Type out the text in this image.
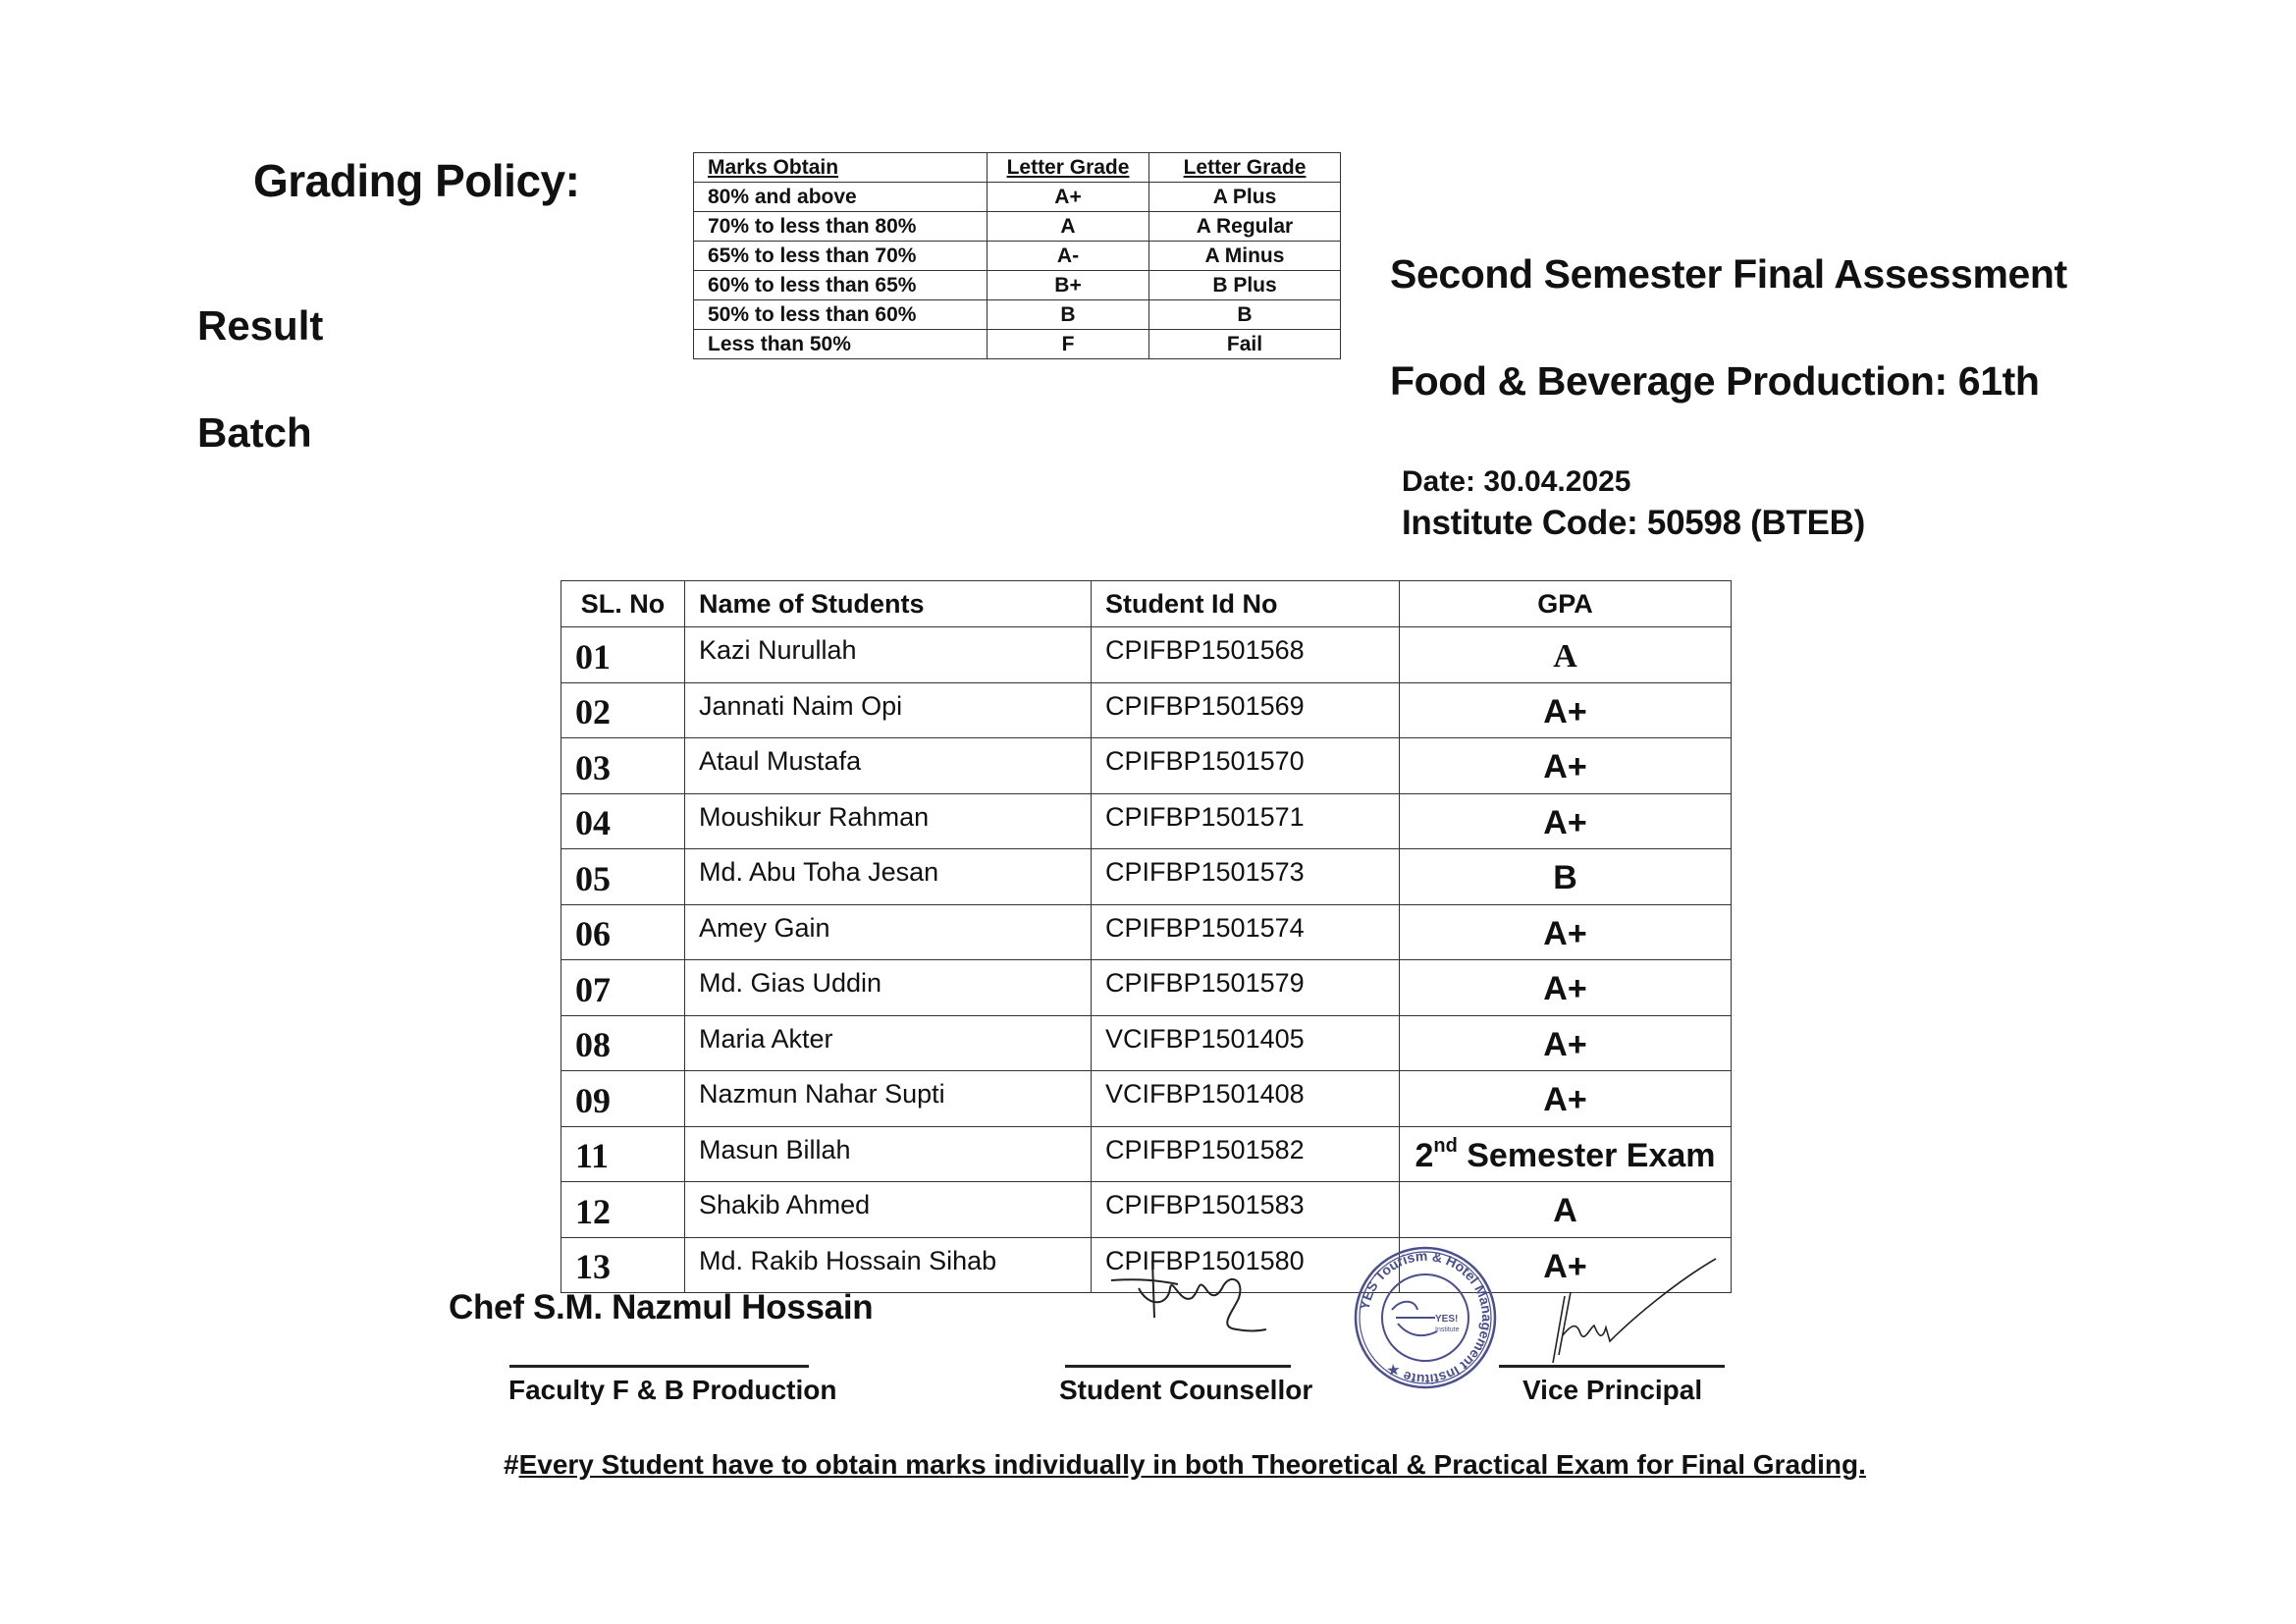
Grading Policy:
Result
Batch
Marks Obtain	Letter Grade	Letter Grade
80% and above	A+	A Plus
70% to less than 80%	A	A Regular
65% to less than 70%	A-	A Minus
60% to less than 65%	B+	B Plus
50% to less than 60%	B	B
Less than 50%	F	Fail
Second Semester Final Assessment
Food & Beverage Production: 61th
Date: 30.04.2025
Institute Code: 50598 (BTEB)
SL. No	Name of Students	Student Id No	GPA
01	Kazi Nurullah	CPIFBP1501568	A
02	Jannati Naim Opi	CPIFBP1501569	A+
03	Ataul Mustafa	CPIFBP1501570	A+
04	Moushikur Rahman	CPIFBP1501571	A+
05	Md. Abu Toha Jesan	CPIFBP1501573	B
06	Amey Gain	CPIFBP1501574	A+
07	Md. Gias Uddin	CPIFBP1501579	A+
08	Maria Akter	VCIFBP1501405	A+
09	Nazmun Nahar Supti	VCIFBP1501408	A+
11	Masun Billah	CPIFBP1501582	2nd Semester Exam
12	Shakib Ahmed	CPIFBP1501583	A
13	Md. Rakib Hossain Sihab	CPIFBP1501580	A+
Chef S.M. Nazmul Hossain	YES Tourism & Hotel Management Institute ★
YES!
Institute
Faculty F & B Production	Student Counsellor	Vice Principal
#Every Student have to obtain marks individually in both Theoretical & Practical Exam for Final Grading.
